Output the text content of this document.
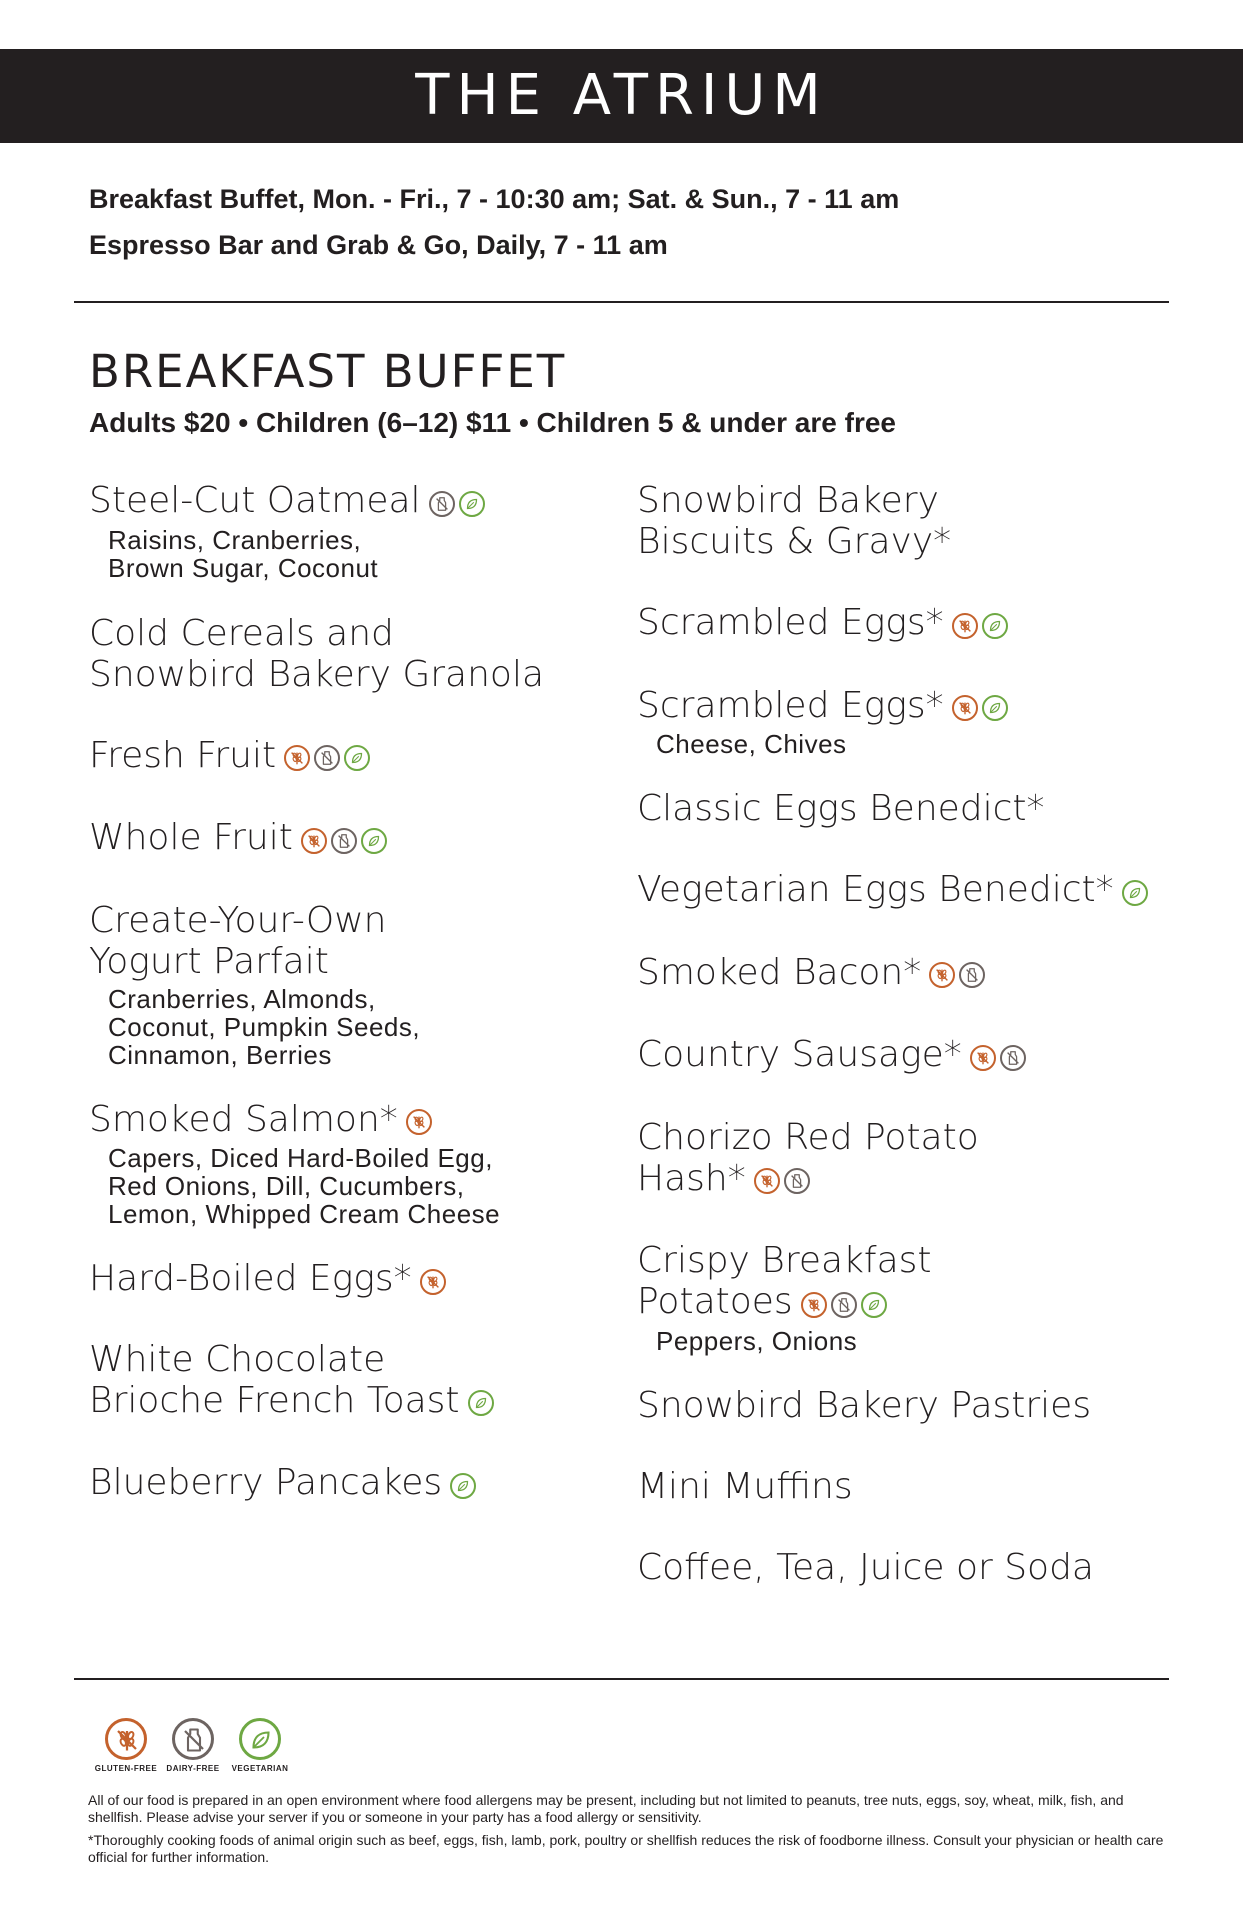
THE ATRIUM
Breakfast Buffet, Mon. - Fri., 7 - 10:30 am; Sat. & Sun., 7 - 11 am
Espresso Bar and Grab & Go, Daily, 7 - 11 am
BREAKFAST BUFFET
Adults $20 • Children (6–12) $11 • Children 5 & under are free
Steel-Cut Oatmeal
Raisins, Cranberries,
Brown Sugar, Coconut
Cold Cereals and
Snowbird Bakery Granola
Fresh Fruit
Whole Fruit
Create-Your-Own
Yogurt Parfait
Cranberries, Almonds,
Coconut, Pumpkin Seeds,
Cinnamon, Berries
Smoked Salmon*
Capers, Diced Hard-Boiled Egg,
Red Onions, Dill, Cucumbers,
Lemon, Whipped Cream Cheese
Hard-Boiled Eggs*
White Chocolate
Brioche French Toast
Blueberry Pancakes
Snowbird Bakery
Biscuits & Gravy*
Scrambled Eggs*
Scrambled Eggs*
Cheese, Chives
Classic Eggs Benedict*
Vegetarian Eggs Benedict*
Smoked Bacon*
Country Sausage*
Chorizo Red Potato
Hash*
Crispy Breakfast
Potatoes
Peppers, Onions
Snowbird Bakery Pastries
Mini Muffins
Coffee, Tea, Juice or Soda
GLUTEN-FREE	DAIRY-FREE	VEGETARIAN

All of our food is prepared in an open environment where food allergens may be present, including but not limited to peanuts, tree nuts, eggs, soy, wheat, milk, fish, and shellfish. Please advise your server if you or someone in your party has a food allergy or sensitivity.

*Thoroughly cooking foods of animal origin such as beef, eggs, fish, lamb, pork, poultry or shellfish reduces the risk of foodborne illness. Consult your physician or health care official for further information.
